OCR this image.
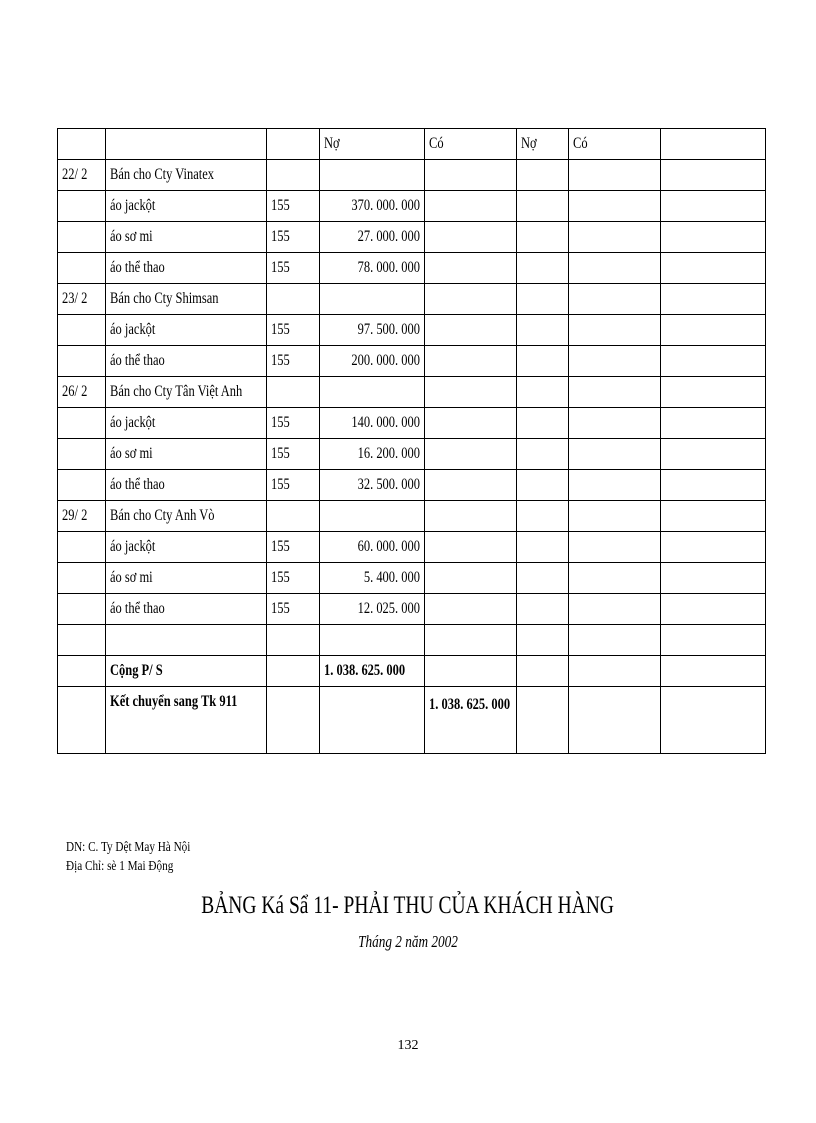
			Nợ	Có	Nợ	Có	
22/ 2	Bán cho Cty Vinatex						
	áo jackột	155	370. 000. 000				
	áo sơ mi	155	27. 000. 000				
	áo thể thao	155	78. 000. 000				
23/ 2	Bán cho Cty Shimsan						
	áo jackột	155	97. 500. 000				
	áo thể thao	155	200. 000. 000				
26/ 2	Bán cho Cty Tân Việt Anh						
	áo jackột	155	140. 000. 000				
	áo sơ mi	155	16. 200. 000				
	áo thể thao	155	32. 500. 000				
29/ 2	Bán cho Cty Anh Vò						
	áo jackột	155	60. 000. 000				
	áo sơ mi	155	5. 400. 000				
	áo thể thao	155	12. 025. 000				

	Cộng P/ S		1. 038. 625. 000				
	Kết chuyển sang Tk 911			1. 038. 625. 000			

DN: C. Ty Dệt May Hà Nội
Địa Chỉ: sè 1 Mai Động
BẢNG Ká Sẩ 11- PHẢI THU CỦA KHÁCH HÀNG
Tháng 2 năm 2002
132
